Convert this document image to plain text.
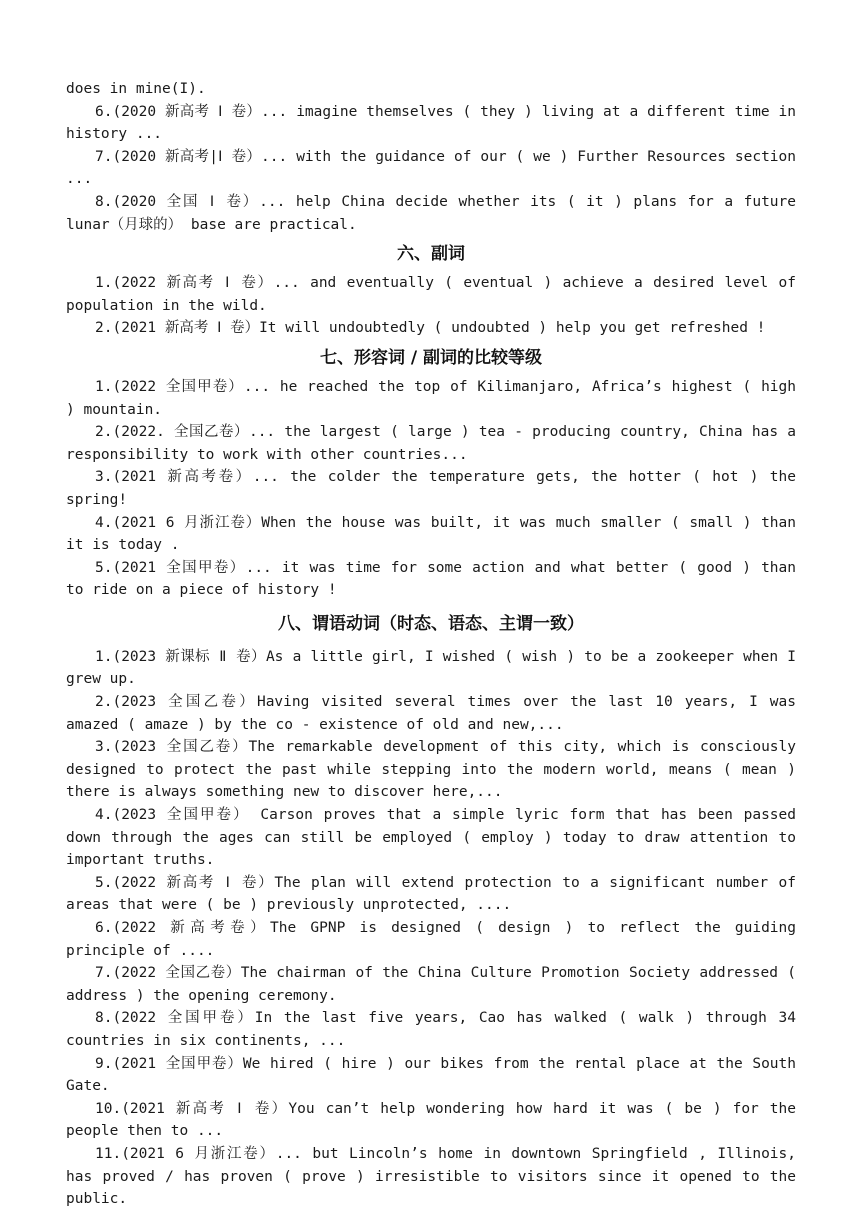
does in mine(I).

6.(2020 新高考 Ⅰ 卷）... imagine themselves ( they ) living at a different time in history ...

7.(2020 新高考|Ⅰ 卷）... with the guidance of our ( we ) Further Resources section ...

8.(2020 全国 Ⅰ 卷）... help China decide whether its ( it ) plans for a future lunar（月球的） base are practical.

六、副词

1.(2022 新高考 Ⅰ 卷）... and eventually ( eventual ) achieve a desired level of population in the wild.

2.(2021 新高考 Ⅰ 卷）It will undoubtedly ( undoubted ) help you get refreshed !

七、形容词 / 副词的比较等级

1.(2022 全国甲卷）... he reached the top of Kilimanjaro, Africa’s highest ( high ) mountain.

2.(2022. 全国乙卷）... the largest ( large ) tea - producing country, China has a responsibility to work with other countries...

3.(2021 新高考卷）... the colder the temperature gets, the hotter ( hot ) the spring!

4.(2021 6 月浙江卷）When the house was built, it was much smaller ( small ) than it is today .

5.(2021 全国甲卷）... it was time for some action and what better ( good ) than to ride on a piece of history !

八、谓语动词（时态、语态、主谓一致）

1.(2023 新课标 Ⅱ 卷）As a little girl, I wished ( wish ) to be a zookeeper when I grew up.

2.(2023 全国乙卷）Having visited several times over the last 10 years, I was amazed ( amaze ) by the co - existence of old and new,...

3.(2023 全国乙卷）The remarkable development of this city, which is consciously designed to protect the past while stepping into the modern world, means ( mean ) there is always something new to discover here,...

4.(2023 全国甲卷） Carson proves that a simple lyric form that has been passed down through the ages can still be employed ( employ ) today to draw attention to important truths.

5.(2022 新高考 Ⅰ 卷）The plan will extend protection to a significant number of areas that were ( be ) previously unprotected, ....

6.(2022 新高考卷）The GPNP is designed ( design ) to reflect the guiding principle of ....

7.(2022 全国乙卷）The chairman of the China Culture Promotion Society addressed ( address ) the opening ceremony.

8.(2022 全国甲卷）In the last five years, Cao has walked ( walk ) through 34 countries in six continents, ...

9.(2021 全国甲卷）We hired ( hire ) our bikes from the rental place at the South Gate.

10.(2021 新高考 Ⅰ 卷）You can’t help wondering how hard it was ( be ) for the people then to ...

11.(2021 6 月浙江卷）... but Lincoln’s home in downtown Springfield , Illinois, has proved / has proven ( prove ) irresistible to visitors since it opened to the public.
